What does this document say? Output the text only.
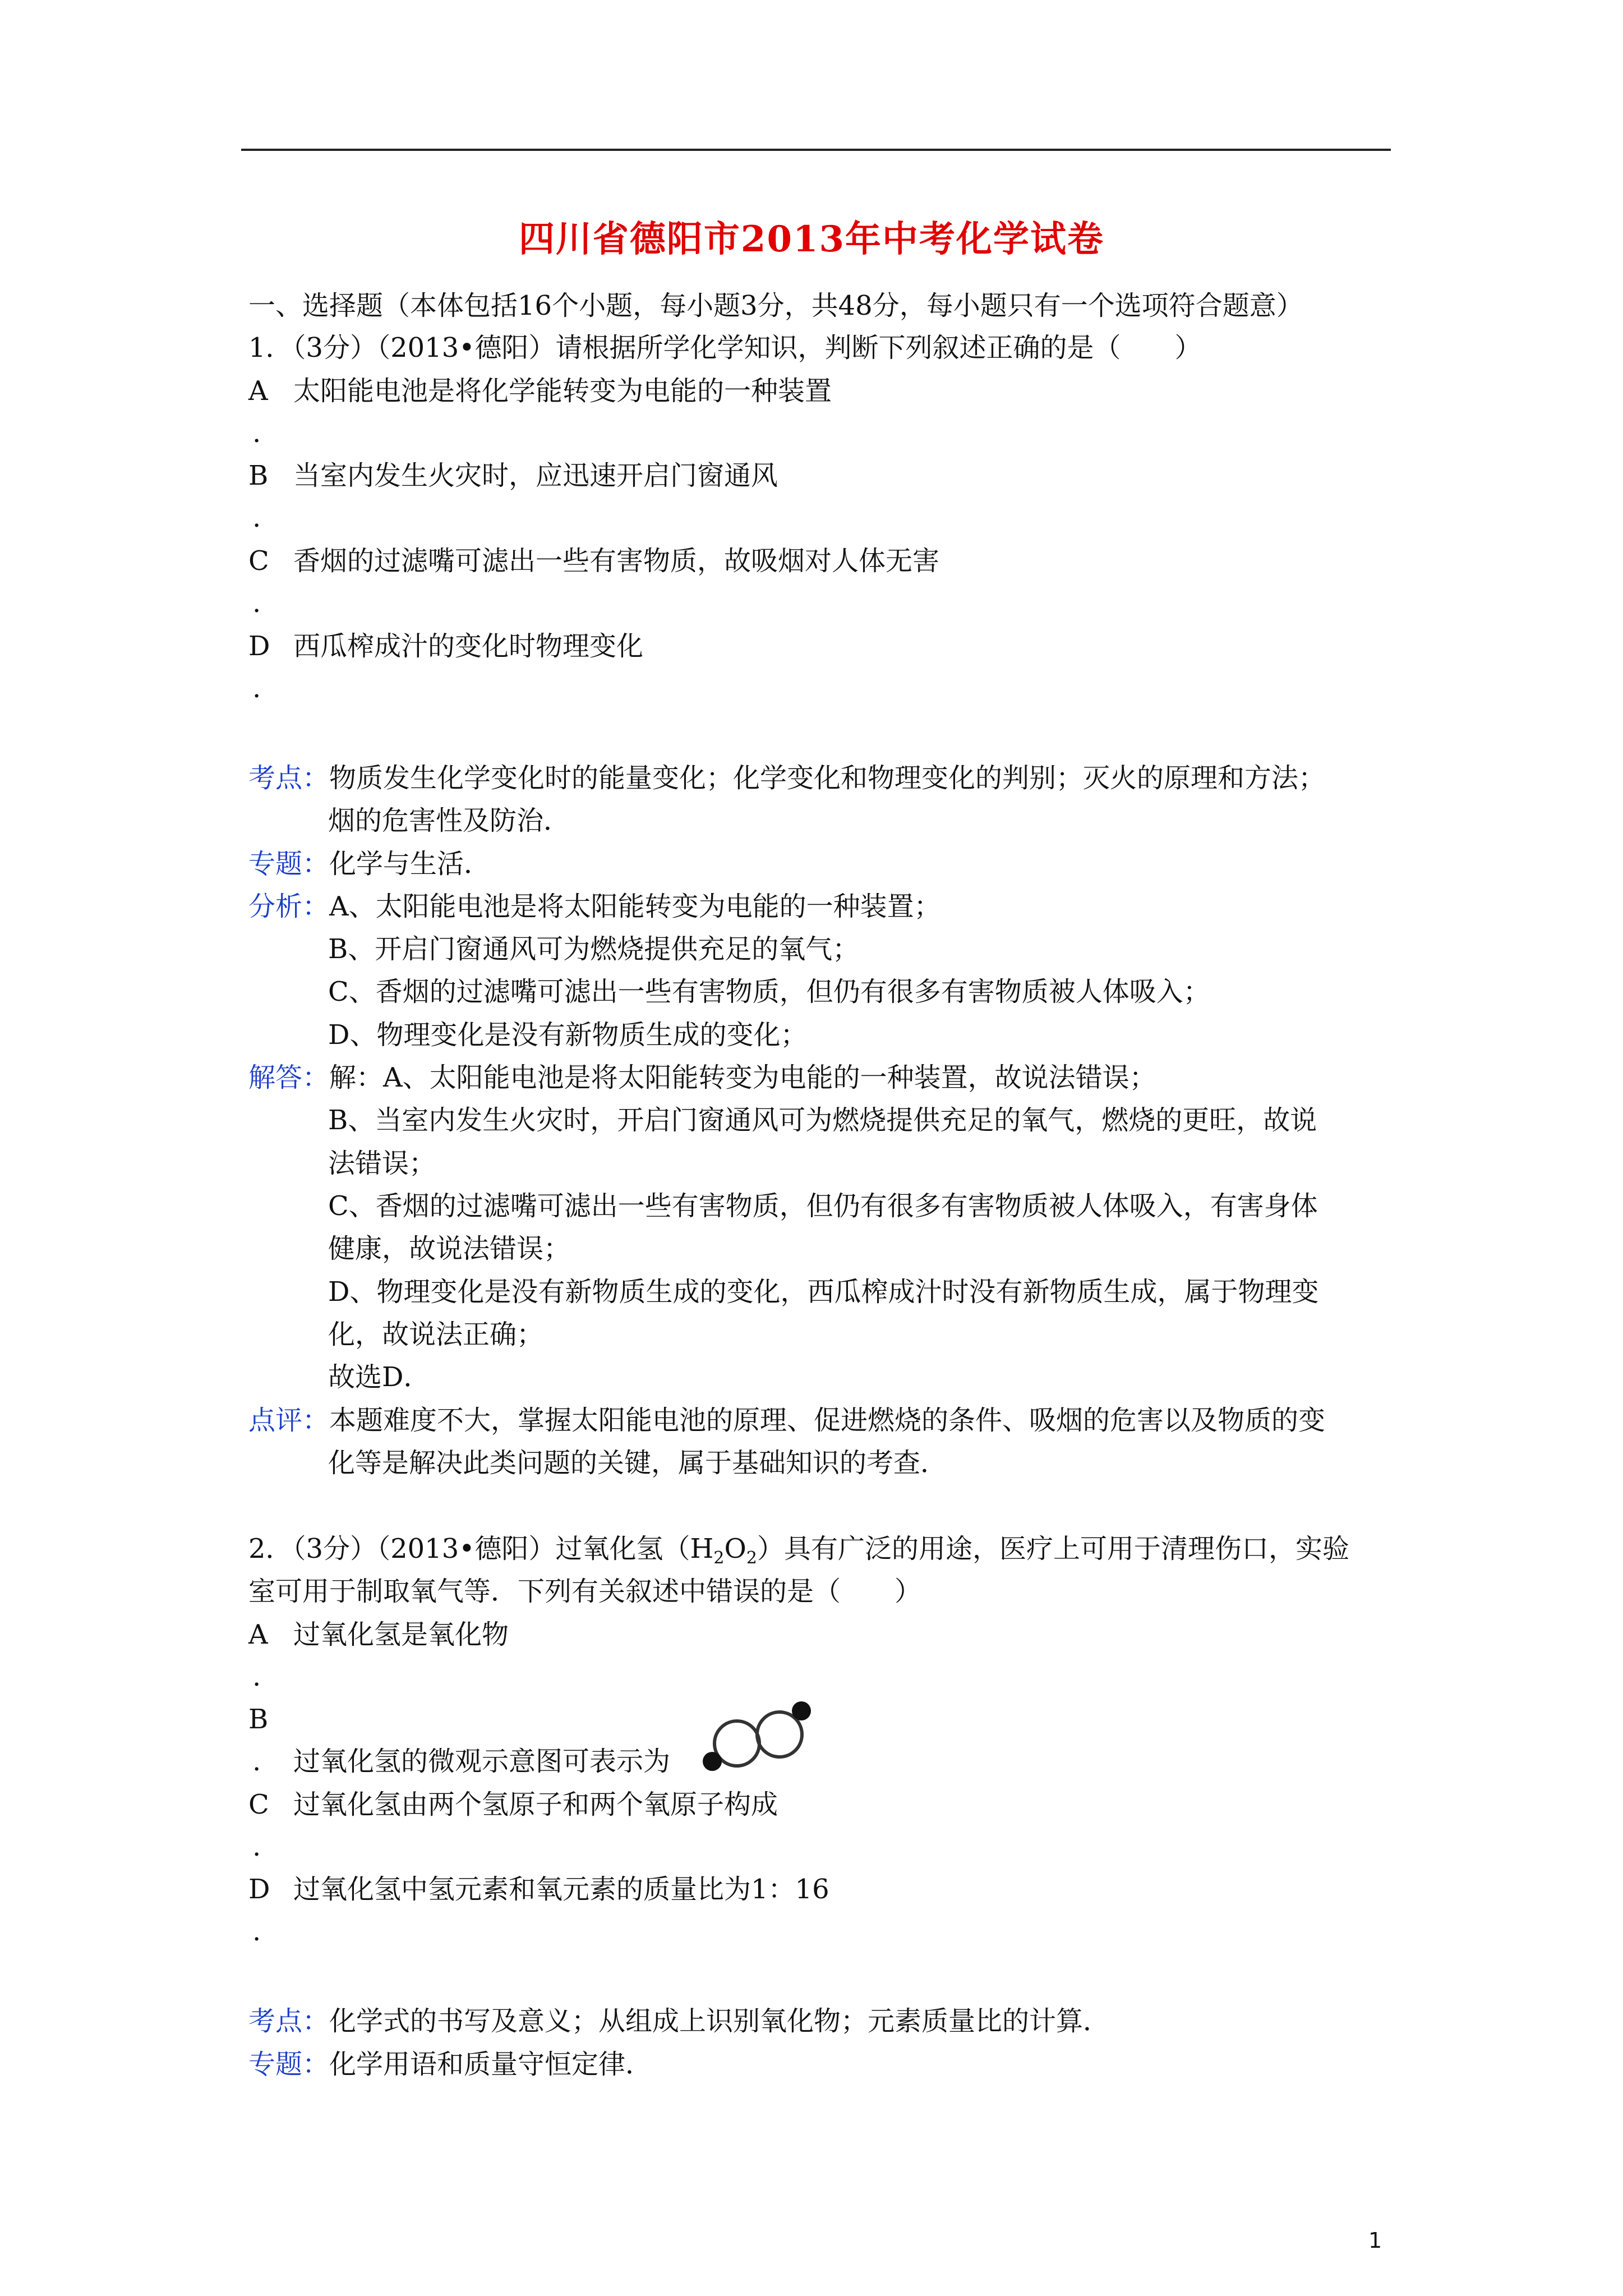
四川省德阳市2013年中考化学试卷
一、选择题（本体包括16个小题，每小题3分，共48分，每小题只有一个选项符合题意）
1．（3分）（2013•德阳）请根据所学化学知识，判断下列叙述正确的是（　　）
A 太阳能电池是将化学能转变为电能的一种装置
.
B 当室内发生火灾时，应迅速开启门窗通风
.
C 香烟的过滤嘴可滤出一些有害物质，故吸烟对人体无害
.
D 西瓜榨成汁的变化时物理变化
.
考点：物质发生化学变化时的能量变化；化学变化和物理变化的判别；灭火的原理和方法；
烟的危害性及防治．
专题：化学与生活．
分析：A、太阳能电池是将太阳能转变为电能的一种装置；
B、开启门窗通风可为燃烧提供充足的氧气；
C、香烟的过滤嘴可滤出一些有害物质，但仍有很多有害物质被人体吸入；
D、物理变化是没有新物质生成的变化；
解答：解：A、太阳能电池是将太阳能转变为电能的一种装置，故说法错误；
B、当室内发生火灾时，开启门窗通风可为燃烧提供充足的氧气，燃烧的更旺，故说
法错误；
C、香烟的过滤嘴可滤出一些有害物质，但仍有很多有害物质被人体吸入，有害身体
健康，故说法错误；
D、物理变化是没有新物质生成的变化，西瓜榨成汁时没有新物质生成，属于物理变
化，故说法正确；
故选D．
点评：本题难度不大，掌握太阳能电池的原理、促进燃烧的条件、吸烟的危害以及物质的变
化等是解决此类问题的关键，属于基础知识的考查．
2．（3分）（2013•德阳）过氧化氢$(H_2O_2)$具有广泛的用途，医疗上可用于清理伤口，实验
室可用于制取氧气等．下列有关叙述中错误的是（　　）
A 过氧化氢是氧化物
.
B
. 过氧化氢的微观示意图可表示为
C 过氧化氢由两个氢原子和两个氧原子构成
.
D 过氧化氢中氢元素和氧元素的质量比为1：16
.
考点：化学式的书写及意义；从组成上识别氧化物；元素质量比的计算．
专题：化学用语和质量守恒定律．
1
